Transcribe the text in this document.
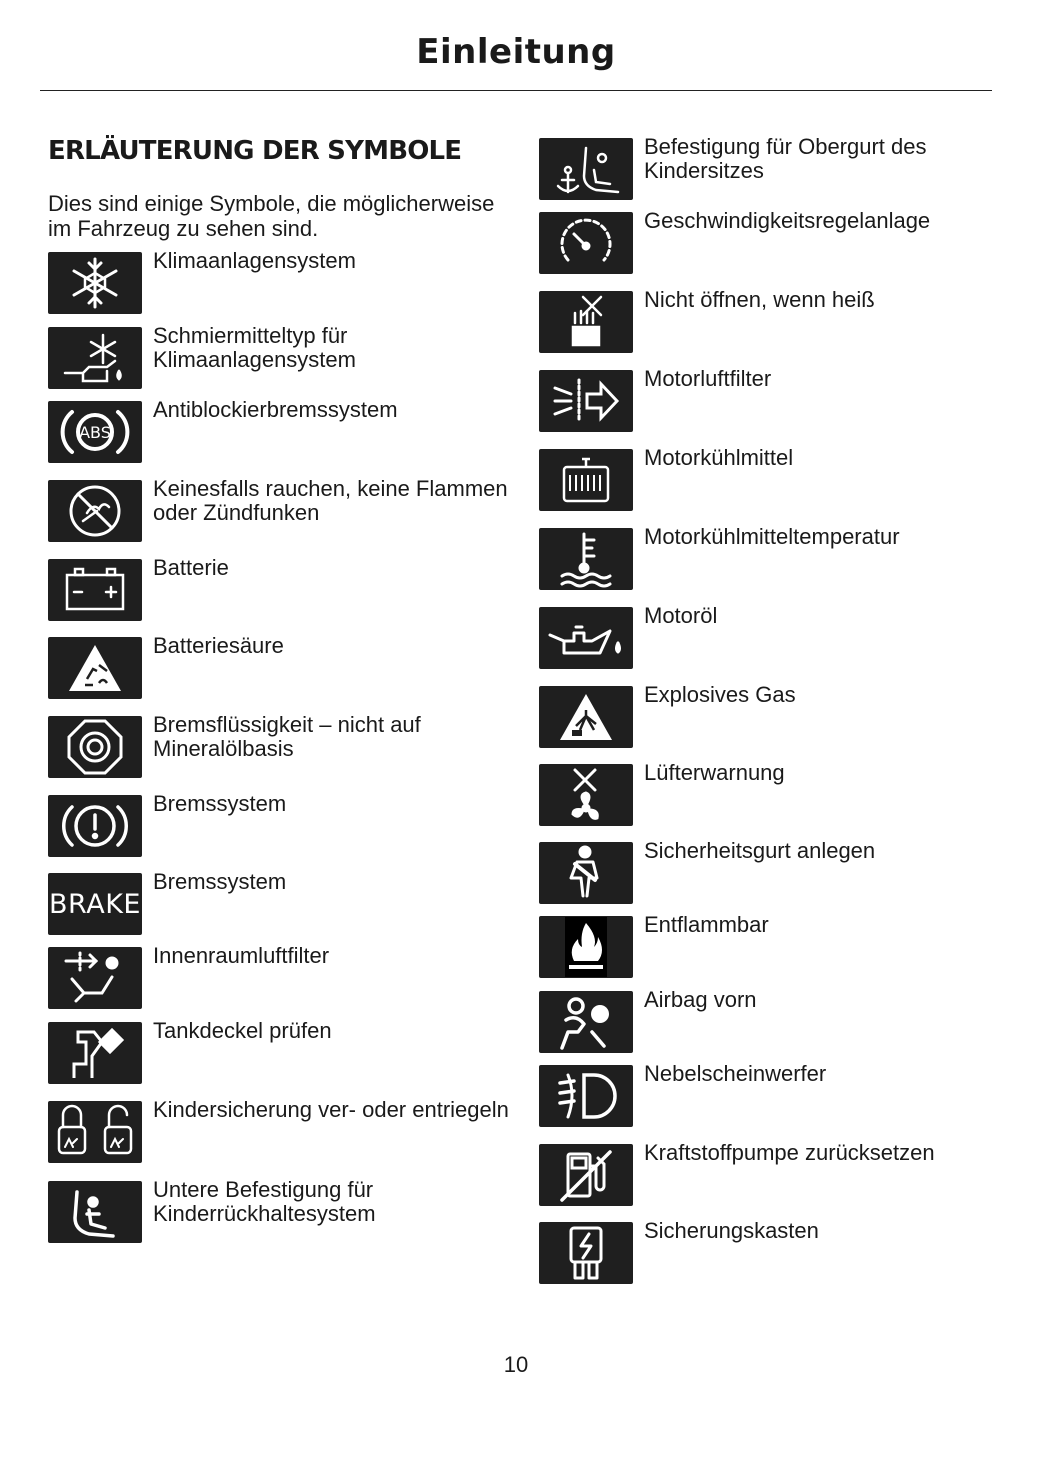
Einleitung
ERLÄUTERUNG DER SYMBOLE
Dies sind einige Symbole, die möglicherweise im Fahrzeug zu sehen sind.
Klimaanlagensystem
Schmiermitteltyp für Klimaanlagensystem
ABS
Antiblockierbremssystem
Keinesfalls rauchen, keine Flammen oder Zündfunken
Batterie
Batteriesäure
Bremsflüssigkeit – nicht auf Mineralölbasis
Bremssystem
BRAKE
Bremssystem
Innenraumluftfilter
Tankdeckel prüfen
Kindersicherung ver- oder entriegeln
Untere Befestigung für Kinderrückhaltesystem
Befestigung für Obergurt des Kindersitzes
Geschwindigkeitsregelanlage
Nicht öffnen, wenn heiß
Motorluftfilter
Motorkühlmittel
Motorkühlmitteltemperatur
Motoröl
Explosives Gas
Lüfterwarnung
Sicherheitsgurt anlegen
Entflammbar
Airbag vorn
Nebelscheinwerfer
Kraftstoffpumpe zurücksetzen
Sicherungskasten
10
